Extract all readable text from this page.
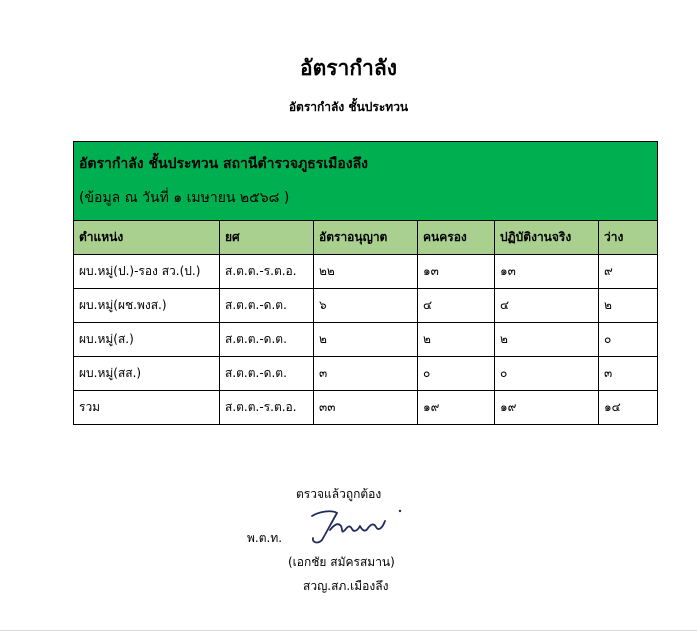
อัตรากำลัง
อัตรากำลัง ชั้นประทวน
อัตรากำลัง ชั้นประทวน สถานีตำรวจภูธรเมืองลึง
(ข้อมูล ณ วันที่ ๑ เมษายน ๒๕๖๘ )					

ตำแหน่ง	ยศ	อัตราอนุญาต	คนครอง	ปฏิบัติงานจริง	ว่าง
ผบ.หมู่(ป.)-รอง สว.(ป.)	ส.ต.ต.-ร.ต.อ.	๒๒	๑๓	๑๓	๙
ผบ.หมู่(ผช.พงส.)	ส.ต.ต.-ด.ต.	๖	๔	๔	๒
ผบ.หมู่(ส.)	ส.ต.ต.-ด.ต.	๒	๒	๒	๐
ผบ.หมู่(สส.)	ส.ต.ต.-ด.ต.	๓	๐	๐	๓
รวม	ส.ต.ต.-ร.ต.อ.	๓๓	๑๙	๑๙	๑๔
ตรวจแล้วถูกต้อง
พ.ต.ท.
(เอกชัย สมัครสมาน)
สวญ.สภ.เมืองลึง
